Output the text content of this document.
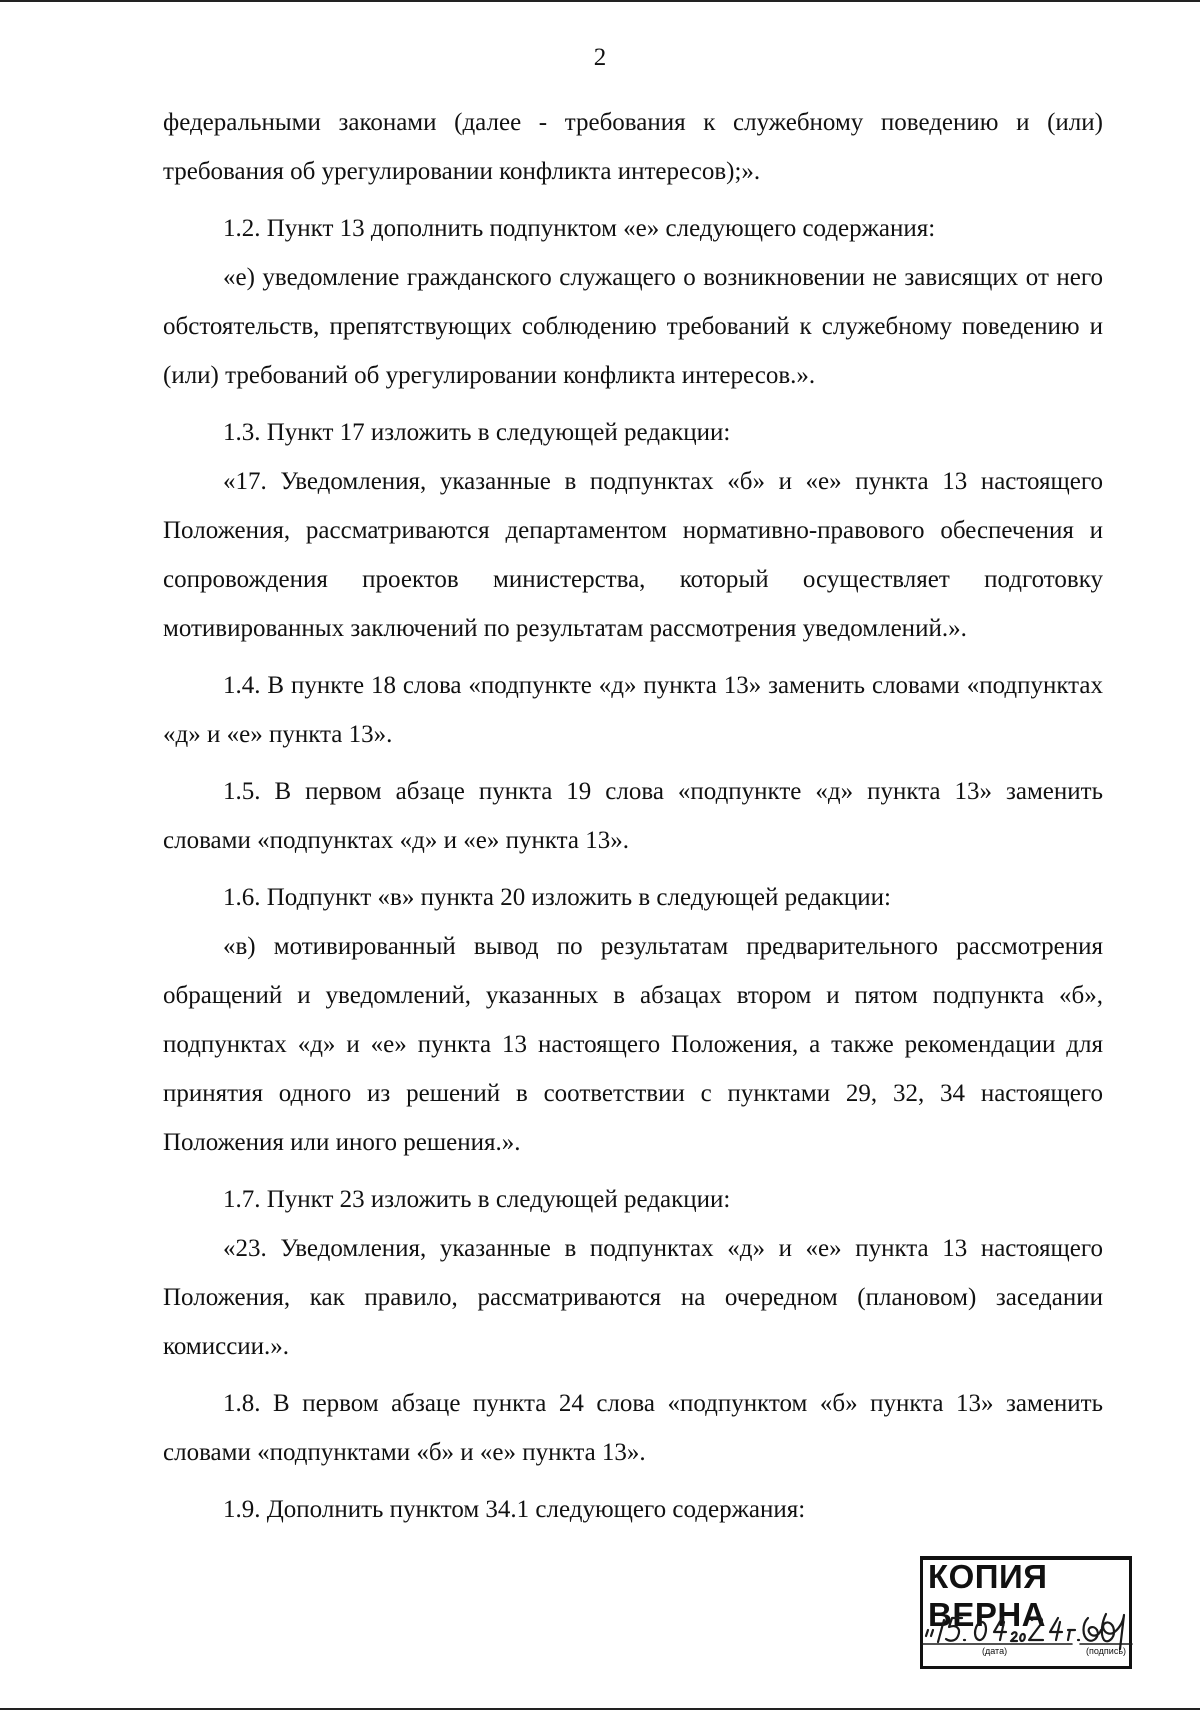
2

федеральными законами (далее - требования к служебному поведению и (или) требования об урегулировании конфликта интересов);».

1.2. Пункт 13 дополнить подпунктом «е» следующего содержания:

«е) уведомление гражданского служащего о возникновении не зависящих от него обстоятельств, препятствующих соблюдению требований к служебному поведению и (или) требований об урегулировании конфликта интересов.».

1.3. Пункт 17 изложить в следующей редакции:

«17. Уведомления, указанные в подпунктах «б» и «е» пункта 13 настоящего Положения, рассматриваются департаментом нормативно-правового обеспечения и сопровождения проектов министерства, который осуществляет подготовку мотивированных заключений по результатам рассмотрения уведомлений.».

1.4. В пункте 18 слова «подпункте «д» пункта 13» заменить словами «подпунктах «д» и «е» пункта 13».

1.5. В первом абзаце пункта 19 слова «подпункте «д» пункта 13» заменить словами «подпунктах «д» и «е» пункта 13».

1.6. Подпункт «в» пункта 20 изложить в следующей редакции:

«в) мотивированный вывод по результатам предварительного рассмотрения обращений и уведомлений, указанных в абзацах втором и пятом подпункта «б», подпунктах «д» и «е» пункта 13 настоящего Положения, а также рекомендации для принятия одного из решений в соответствии с пунктами 29, 32, 34 настоящего Положения или иного решения.».

1.7. Пункт 23 изложить в следующей редакции:

«23. Уведомления, указанные в подпунктах «д» и «е» пункта 13 настоящего Положения, как правило, рассматриваются на очередном (плановом) заседании комиссии.».

1.8. В первом абзаце пункта 24 слова «подпунктом «б» пункта 13» заменить словами «подпунктами «б» и «е» пункта 13».

1.9. Дополнить пунктом 34.1 следующего содержания:

КОПИЯ ВЕРНА
(дата)	(подпись)
